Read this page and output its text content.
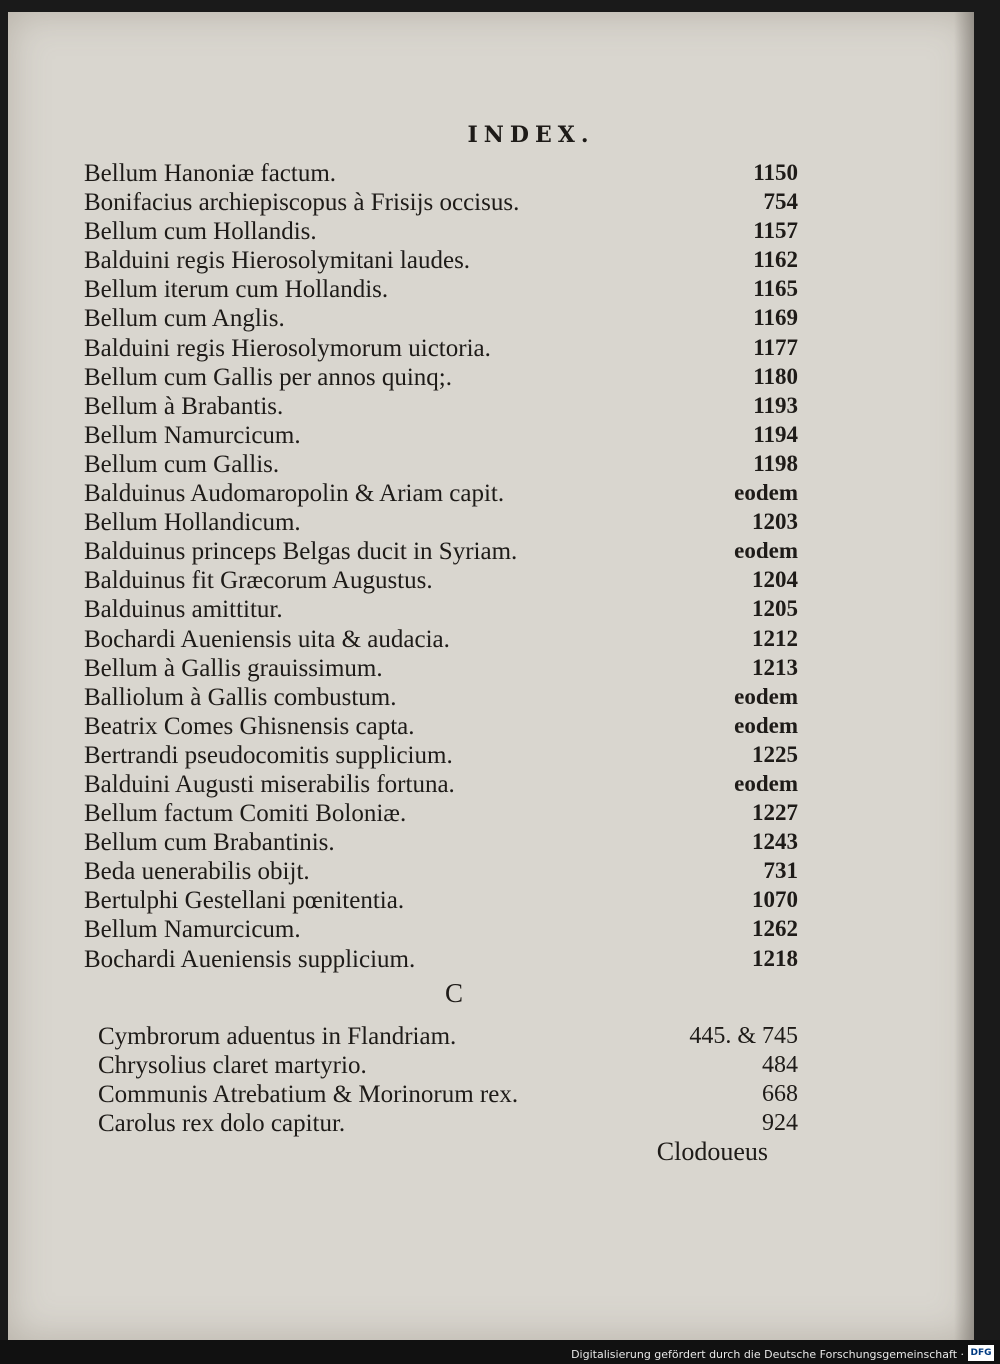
INDEX.
Bellum Hanoniæ factum.	1150
Bonifacius archiepiscopus à Frisijs occisus.	754
Bellum cum Hollandis.	1157
Balduini regis Hierosolymitani laudes.	1162
Bellum iterum cum Hollandis.	1165
Bellum cum Anglis.	1169
Balduini regis Hierosolymorum uictoria.	1177
Bellum cum Gallis per annos quinq;.	1180
Bellum à Brabantis.	1193
Bellum Namurcicum.	1194
Bellum cum Gallis.	1198
Balduinus Audomaropolin & Ariam capit.	eodem
Bellum Hollandicum.	1203
Balduinus princeps Belgas ducit in Syriam.	eodem
Balduinus fit Græcorum Augustus.	1204
Balduinus amittitur.	1205
Bochardi Aueniensis uita & audacia.	1212
Bellum à Gallis grauissimum.	1213
Balliolum à Gallis combustum.	eodem
Beatrix Comes Ghisnensis capta.	eodem
Bertrandi pseudocomitis supplicium.	1225
Balduini Augusti miserabilis fortuna.	eodem
Bellum factum Comiti Boloniæ.	1227
Bellum cum Brabantinis.	1243
Beda uenerabilis obijt.	731
Bertulphi Gestellani pœnitentia.	1070
Bellum Namurcicum.	1262
Bochardi Aueniensis supplicium.	1218
C
Cymbrorum aduentus in Flandriam.	445. & 745
Chrysolius claret martyrio.	484
Communis Atrebatium & Morinorum rex.	668
Carolus rex dolo capitur.	924
Clodoueus
Digitalisierung gefördert durch die Deutsche Forschungsgemeinschaft · DFG
